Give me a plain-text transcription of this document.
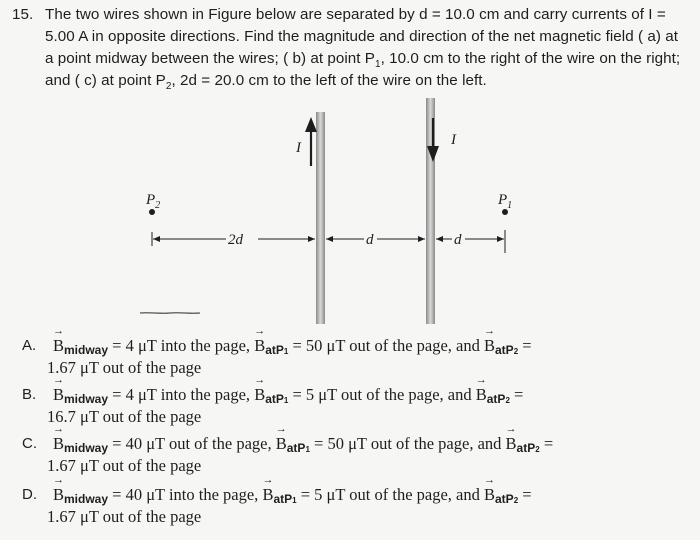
15. The two wires shown in Figure below are separated by d = 10.0 cm and carry currents of I =
5.00 A in opposite directions. Find the magnitude and direction of the net magnetic field ( a) at
a point midway between the wires; ( b) at point $P_1$, 10.0 cm to the right of the wire on the right;
and ( c) at point $P_2$, 2d = 20.0 cm to the left of the wire on the left.
I	I
$P_2$	$P_1$
2d	d	d
A. → Bmidway = 4 μT into the page, → BatP1 = 50 μT out of the page, and → BatP2 =
1.67 μT out of the page
B. → Bmidway = 4 μT into the page, → BatP1 = 5 μT out of the page, and → BatP2 =
16.7 μT out of the page
C. → Bmidway = 40 μT out of the page, → BatP1 = 50 μT out of the page, and → BatP2 =
1.67 μT out of the page
D. → Bmidway = 40 μT into the page, → BatP1 = 5 μT out of the page, and → BatP2 =
1.67 μT out of the page
